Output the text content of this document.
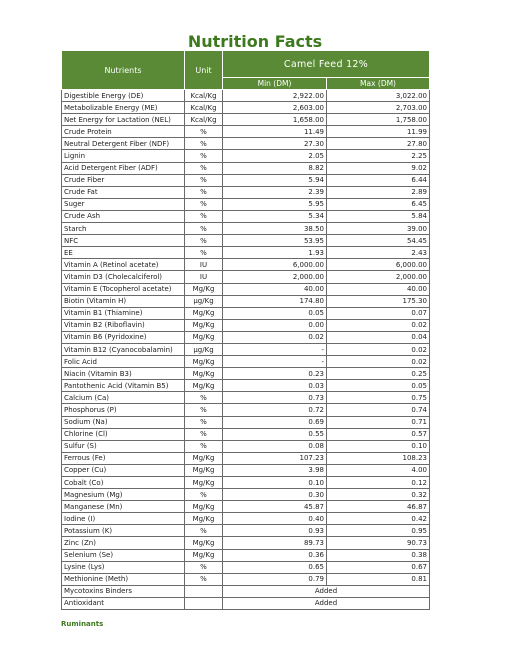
Nutrition Facts
Nutrients	Unit	Camel Feed 12%	
		Min (DM)	Max (DM)
Digestible Energy (DE)	Kcal/Kg	2,922.00	3,022.00
Metabolizable Energy (ME)	Kcal/Kg	2,603.00	2,703.00
Net Energy for Lactation (NEL)	Kcal/Kg	1,658.00	1,758.00
Crude Protein	%	11.49	11.99
Neutral Detergent Fiber (NDF)	%	27.30	27.80
Lignin	%	2.05	2.25
Acid Detergent Fiber (ADF)	%	8.82	9.02
Crude Fiber	%	5.94	6.44
Crude Fat	%	2.39	2.89
Suger	%	5.95	6.45
Crude Ash	%	5.34	5.84
Starch	%	38.50	39.00
NFC	%	53.95	54.45
EE	%	1.93	2.43
Vitamin A (Retinol acetate)	IU	6,000.00	6,000.00
Vitamin D3 (Cholecalciferol)	IU	2,000.00	2,000.00
Vitamin E (Tocopherol acetate)	Mg/Kg	40.00	40.00
Biotin (Vitamin H)	µg/Kg	174.80	175.30
Vitamin B1 (Thiamine)	Mg/Kg	0.05	0.07
Vitamin B2 (Riboflavin)	Mg/Kg	0.00	0.02
Vitamin B6 (Pyridoxine)	Mg/Kg	0.02	0.04
Vitamin B12 (Cyanocobalamin)	µg/Kg	-	0.02
Folic Acid	Mg/Kg	-	0.02
Niacin (Vitamin B3)	Mg/Kg	0.23	0.25
Pantothenic Acid (Vitamin B5)	Mg/Kg	0.03	0.05
Calcium (Ca)	%	0.73	0.75
Phosphorus (P)	%	0.72	0.74
Sodium (Na)	%	0.69	0.71
Chlorine (Cl)	%	0.55	0.57
Sulfur (S)	%	0.08	0.10
Ferrous (Fe)	Mg/Kg	107.23	108.23
Copper (Cu)	Mg/Kg	3.98	4.00
Cobalt (Co)	Mg/Kg	0.10	0.12
Magnesium (Mg)	%	0.30	0.32
Manganese (Mn)	Mg/Kg	45.87	46.87
Iodine (I)	Mg/Kg	0.40	0.42
Potassium (K)	%	0.93	0.95
Zinc (Zn)	Mg/Kg	89.73	90.73
Selenium (Se)	Mg/Kg	0.36	0.38
Lysine (Lys)	%	0.65	0.67
Methionine (Meth)	%	0.79	0.81
Mycotoxins Binders		Added	
Antioxidant		Added	
Ruminants
